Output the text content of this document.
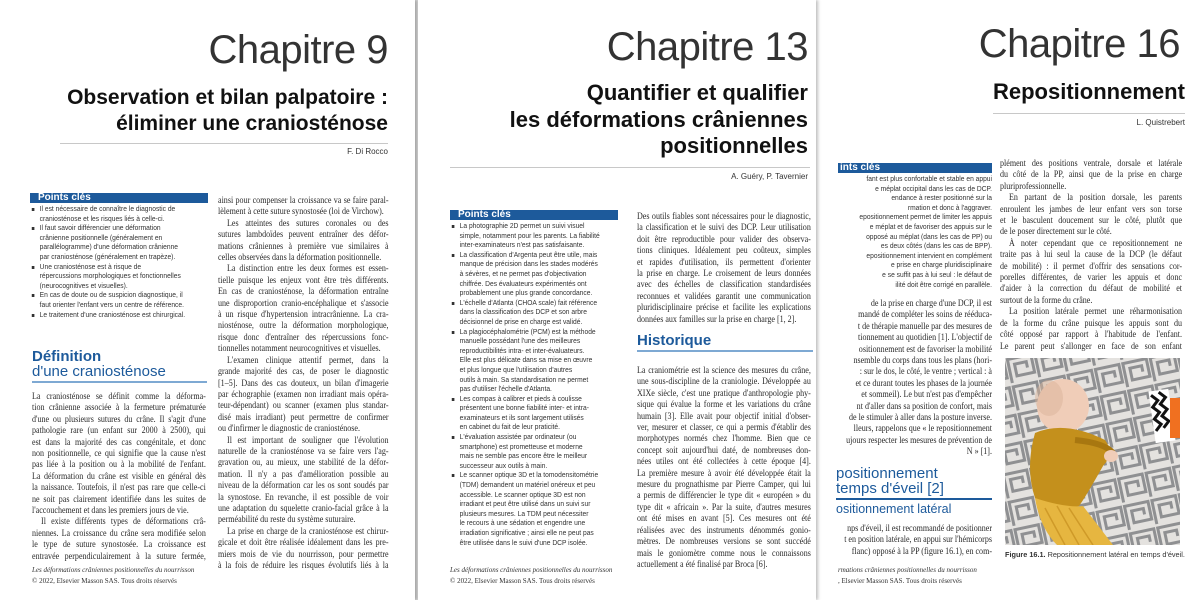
Chapitre 9
Observation et bilan palpatoire :
éliminer une craniosténose
F. Di Rocco
Points clés
Il est nécessaire de connaître le diagnostic de
craniosténose et les risques liés à celle-ci.
Il faut savoir différencier une déformation
crânienne positionnelle (généralement en
parallélogramme) d'une déformation crânienne
par craniosténose (généralement en trapèze).
Une craniosténose est à risque de
répercussions morphologiques et fonctionnelles
(neurocognitives et visuelles).
En cas de doute ou de suspicion diagnostique, il
faut orienter l'enfant vers un centre de référence.
Le traitement d'une craniosténose est chirurgical.
Définition
d'une craniosténose
La craniosténose se définit comme la déforma-
tion crânienne associée à la fermeture prématurée
d'une ou plusieurs sutures du crâne. Il s'agit d'une
pathologie rare (un enfant sur 2000 à 2500), qui
est dans la majorité des cas congénitale, et donc
non positionnelle, ce qui signifie que la cause n'est
pas liée à la position ou à la mobilité de l'enfant.
La déformation du crâne est visible en général dès
la naissance. Toutefois, il n'est pas rare que celle-ci
ne soit pas clairement identifiée dans les suites de
l'accouchement et dans les premiers jours de vie.
Il existe différents types de déformations crâ-
niennes. La croissance du crâne sera modifiée selon
le type de suture synostosée. La croissance est
entravée perpendiculairement à la suture fermée,
Les déformations crâniennes positionnelles du nourrisson
© 2022, Elsevier Masson SAS. Tous droits réservés
ainsi pour compenser la croissance va se faire paral-
lèlement à cette suture synostosée (loi de Virchow).
Les atteintes des sutures coronales ou des
sutures lambdoïdes peuvent entraîner des défor-
mations crâniennes à première vue similaires à
celles observées dans la déformation positionnelle.
La distinction entre les deux formes est essen-
tielle puisque les enjeux vont être très différents.
En cas de craniosténose, la déformation entraîne
une disproportion cranio-encéphalique et s'associe
à un risque d'hypertension intracrânienne. La cra-
niosténose, outre la déformation morphologique,
risque donc d'entraîner des répercussions fonc-
tionnelles notamment neurocognitives et visuelles.
L'examen clinique attentif permet, dans la
grande majorité des cas, de poser le diagnostic
[1–5]. Dans des cas douteux, un bilan d'imagerie
par échographie (examen non irradiant mais opéra-
teur-dépendant) ou scanner (examen plus standar-
disé mais irradiant) peut permettre de confirmer
ou d'infirmer le diagnostic de craniosténose.
Il est important de souligner que l'évolution
naturelle de la craniosténose va se faire vers l'ag-
gravation ou, au mieux, une stabilité de la défor-
mation. Il n'y a pas d'amélioration possible au
niveau de la déformation car les os sont soudés par
la synostose. En revanche, il est possible de voir
une adaptation du squelette cranio-facial grâce à la
perméabilité du reste du système suturaire.
La prise en charge de la craniosténose est chirur-
gicale et doit être réalisée idéalement dans les pre-
miers mois de vie du nourrisson, pour permettre
à la fois de réduire les risques évolutifs liés à la
Chapitre 13
Quantifier et qualifier
les déformations crâniennes
positionnelles
A. Guéry, P. Tavernier
Points clés
La photographie 2D permet un suivi visuel
simple, notamment pour les parents. La fiabilité
inter-examinateurs n'est pas satisfaisante.
La classification d'Argenta peut être utile, mais
manque de précision dans les stades modérés
à sévères, et ne permet pas d'objectivation
chiffrée. Des évaluateurs expérimentés ont
probablement une plus grande concordance.
L'échelle d'Atlanta (CHOA scale) fait référence
dans la classification des DCP et son arbre
décisionnel de prise en charge est validé.
La plagiocéphalométrie (PCM) est la méthode
manuelle possédant l'une des meilleures
reproductibilités intra- et inter-évaluateurs.
Elle est plus délicate dans sa mise en œuvre
et plus longue que l'utilisation d'autres
outils à main. Sa standardisation ne permet
pas d'utiliser l'échelle d'Atlanta.
Les compas à calibrer et pieds à coulisse
présentent une bonne fiabilité inter- et intra-
examinateurs et ils sont largement utilisés
en cabinet du fait de leur praticité.
L'évaluation assistée par ordinateur (ou
smartphone) est prometteuse et moderne
mais ne semble pas encore être le meilleur
successeur aux outils à main.
Le scanner optique 3D et la tomodensitométrie
(TDM) demandent un matériel onéreux et peu
accessible. Le scanner optique 3D est non
irradiant et peut être utilisé dans un suivi sur
plusieurs mesures. La TDM peut nécessiter
le recours à une sédation et engendre une
irradiation significative ; ainsi elle ne peut pas
être utilisée dans le suivi d'une DCP isolée.
Les déformations crâniennes positionnelles du nourrisson
© 2022, Elsevier Masson SAS. Tous droits réservés
Des outils fiables sont nécessaires pour le diagnostic,
la classification et le suivi des DCP. Leur utilisation
doit être reproductible pour valider des observa-
tions cliniques. Idéalement peu coûteux, simples
et rapides d'utilisation, ils permettent d'orienter
la prise en charge. Le croisement de leurs données
avec des échelles de classification standardisées
reconnues et validées garantit une communication
pluridisciplinaire précise et facilite les explications
données aux familles sur la prise en charge [1, 2].
Historique
La craniométrie est la science des mesures du crâne,
une sous-discipline de la craniologie. Développée au
XIXe siècle, c'est une pratique d'anthropologie phy-
sique qui évalue la forme et les variations du crâne
humain [3]. Elle avait pour objectif initial d'obser-
ver, mesurer et classer, ce qui a permis d'établir des
morphotypes normés chez l'homme. Bien que ce
concept soit aujourd'hui daté, de nombreuses don-
nées utiles ont été collectées à cette époque [4].
La première mesure à avoir été développée était la
mesure du prognathisme par Pierre Camper, qui lui
a permis de différencier le type dit « européen » du
type dit « africain ». Par la suite, d'autres mesures
ont été mises en avant [5]. Ces mesures ont été
réalisées avec des instruments dénommés gonio-
mètres. De nombreuses versions se sont succédé
mais le goniomètre comme nous le connaissons
actuellement a été finalisé par Broca [6].
Chapitre 16
Repositionnement
L. Quistrebert
ints clés
fant est plus confortable et stable en appui
e méplat occipital dans les cas de DCP.
endance à rester positionné sur la
rmation et donc à l'aggraver.
epositionnement permet de limiter les appuis
e méplat et de favoriser des appuis sur le
opposé au méplat (dans les cas de PP) ou
es deux côtés (dans les cas de BPP).
epositionnement intervient en complément
e prise en charge pluridisciplinaire
e se suffit pas à lui seul : le défaut de
ilité doit être corrigé en parallèle.
de la prise en charge d'une DCP, il est
mandé de compléter les soins de rééduca-
t de thérapie manuelle par des mesures de
tionnement au quotidien [1]. L'objectif de
ositionnement est de favoriser la mobilité
nsemble du corps dans tous les plans (hori-
: sur le dos, le côté, le ventre ; vertical : à
et ce durant toutes les phases de la journée
et sommeil). Le but n'est pas d'empêcher
nt d'aller dans sa position de confort, mais
de le stimuler à aller dans la posture inverse.
lleurs, rappelons que « le repositionnement
ujours respecter les mesures de prévention de
N » [1].
positionnement
temps d'éveil [2]
ositionnement latéral
nps d'éveil, il est recommandé de positionner
t en position latérale, en appui sur l'hémicorps
flanc) opposé à la PP (figure 16.1), en com-
rmations crâniennes positionnelles du nourrisson
, Elsevier Masson SAS. Tous droits réservés
plément des positions ventrale, dorsale et latérale
du côté de la PP, ainsi que de la prise en charge
pluriprofessionnelle.
En partant de la position dorsale, les parents
enroulent les jambes de leur enfant vers son torse
et le basculent doucement sur le côté, plutôt que
de le poser directement sur le côté.
À noter cependant que ce repositionnement ne
traite pas à lui seul la cause de la DCP (le défaut
de mobilité) : il permet d'offrir des sensations cor-
porelles différentes, de varier les appuis et donc
d'aider à la correction du défaut de mobilité et
surtout de la forme du crâne.
La position latérale permet une réharmonisation
de la forme du crâne puisque les appuis sont du
côté opposé par rapport à l'habitude de l'enfant.
Le parent peut s'allonger en face de son enfant
Figure 16.1. Repositionnement latéral en temps d'éveil.
